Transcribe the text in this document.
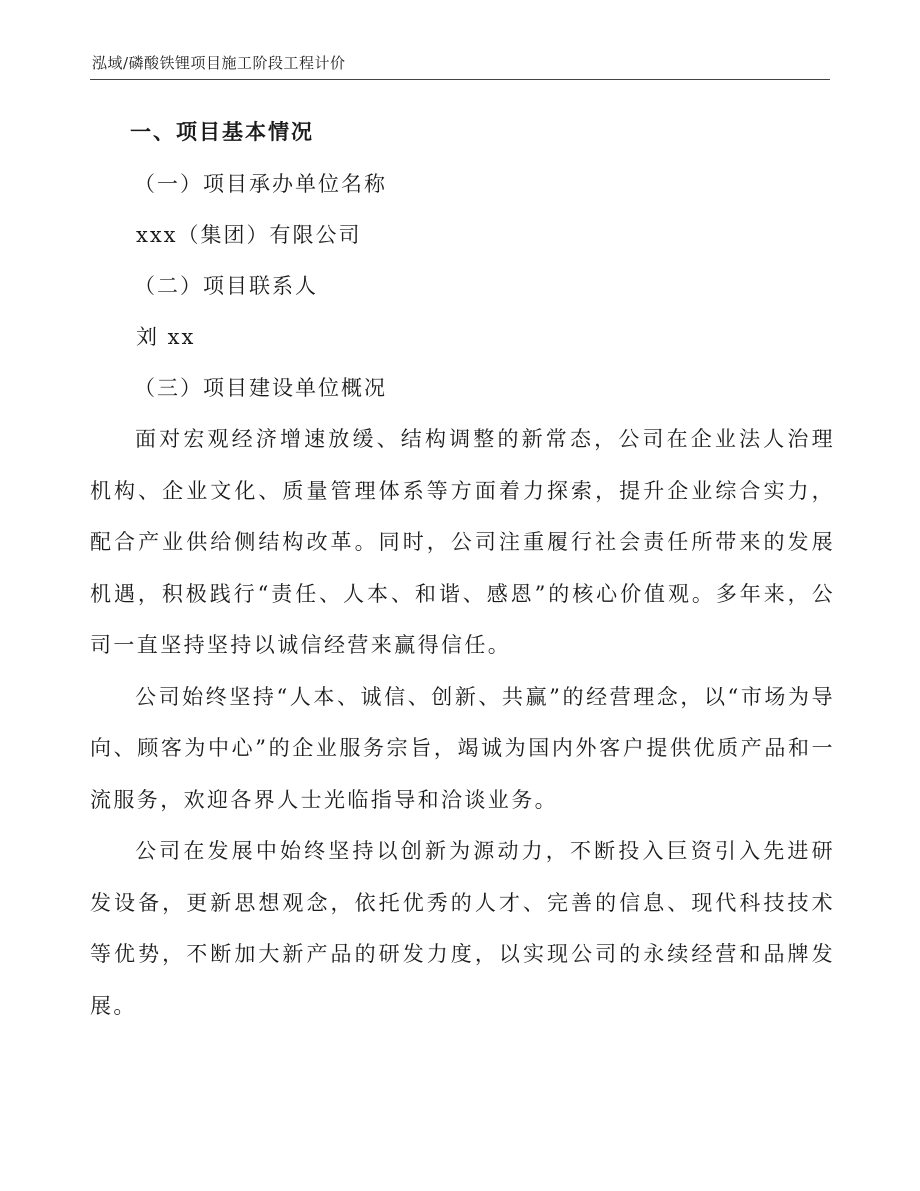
泓域/磷酸铁锂项目施工阶段工程计价

一、项目基本情况

（一）项目承办单位名称

xxx（集团）有限公司

（二）项目联系人

刘 xx

（三）项目建设单位概况

面对宏观经济增速放缓、结构调整的新常态，公司在企业法人治理机构、企业文化、质量管理体系等方面着力探索，提升企业综合实力，配合产业供给侧结构改革。同时，公司注重履行社会责任所带来的发展机遇，积极践行“责任、人本、和谐、感恩”的核心价值观。多年来，公司一直坚持坚持以诚信经营来赢得信任。

公司始终坚持“人本、诚信、创新、共赢”的经营理念，以“市场为导向、顾客为中心”的企业服务宗旨，竭诚为国内外客户提供优质产品和一流服务，欢迎各界人士光临指导和洽谈业务。

公司在发展中始终坚持以创新为源动力，不断投入巨资引入先进研发设备，更新思想观念，依托优秀的人才、完善的信息、现代科技技术等优势，不断加大新产品的研发力度，以实现公司的永续经营和品牌发展。
